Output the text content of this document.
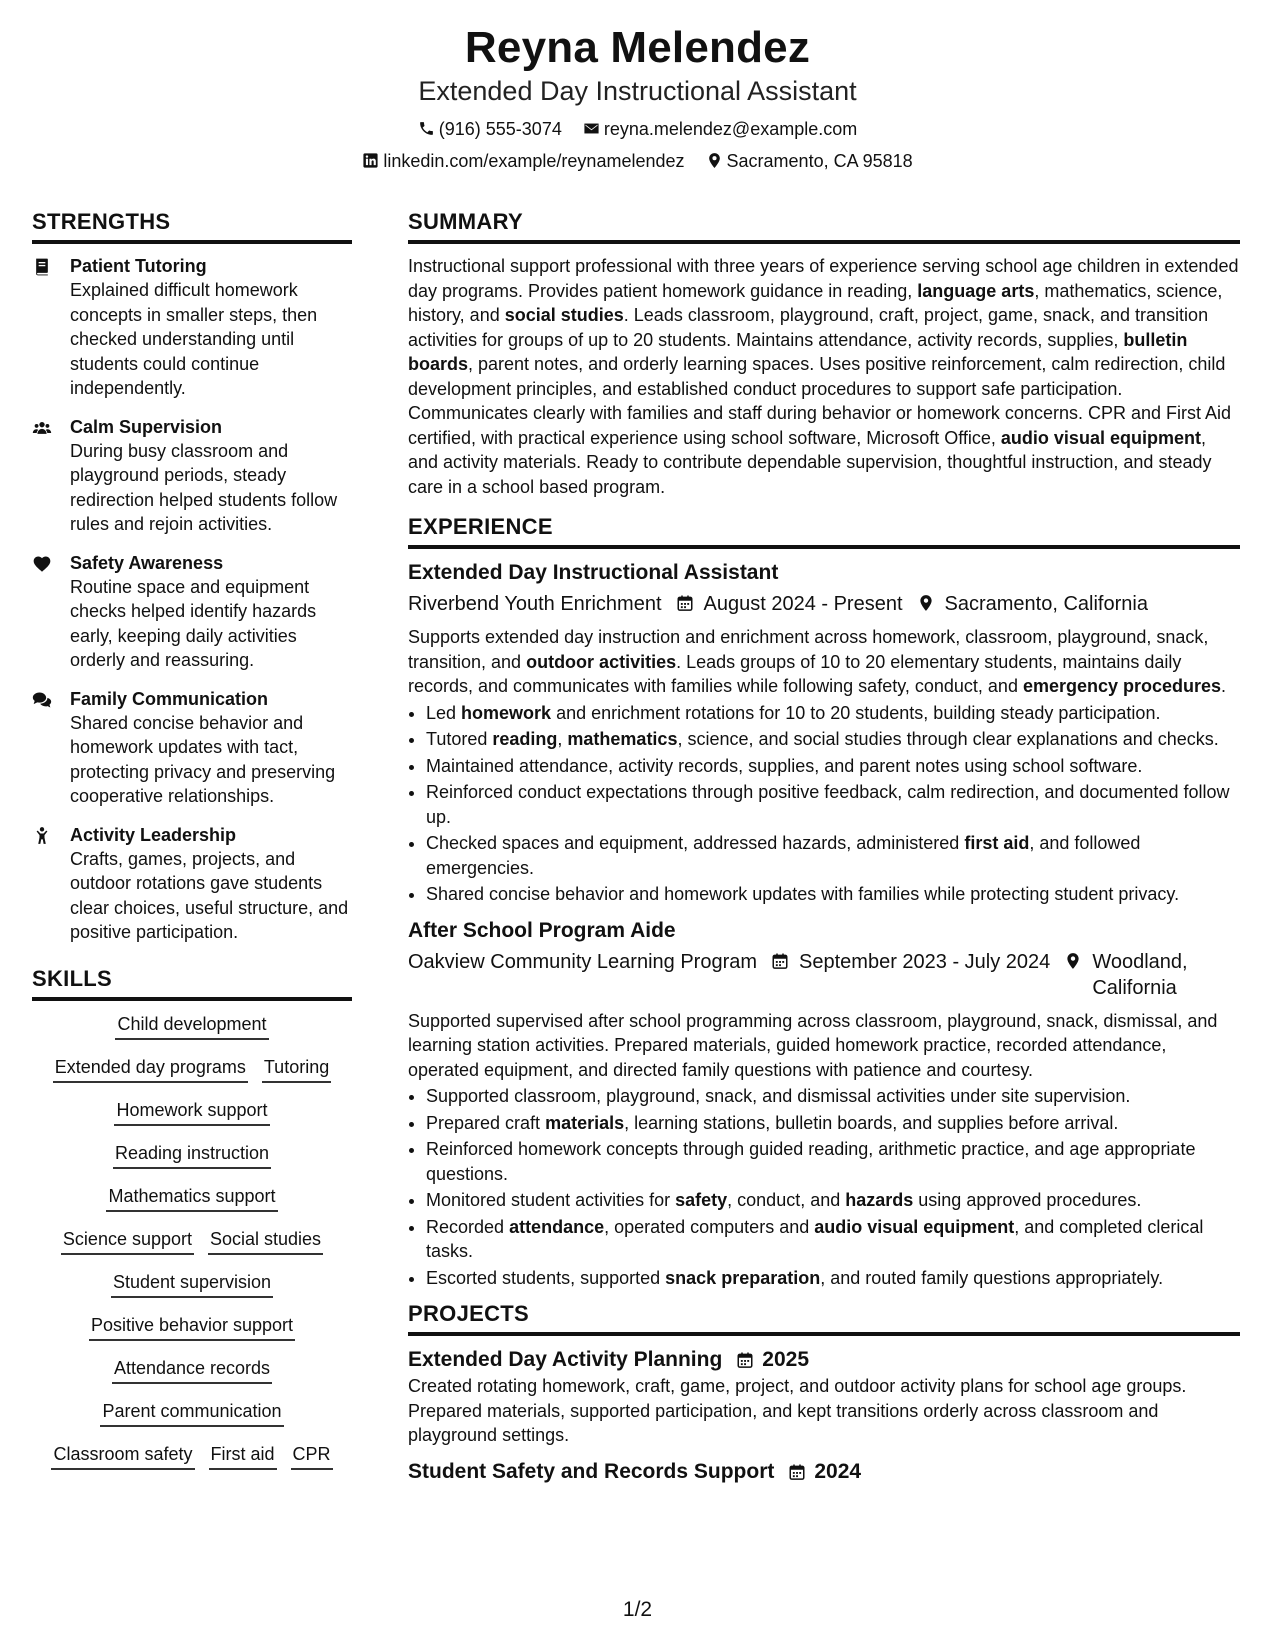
Reyna Melendez
Extended Day Instructional Assistant
(916) 555-3074 reyna.melendez@example.com
linkedin.com/example/reynamelendez Sacramento, CA 95818
STRENGTHS
Patient Tutoring
Explained difficult homework concepts in smaller steps, then checked understanding until students could continue independently.
Calm Supervision
During busy classroom and playground periods, steady redirection helped students follow rules and rejoin activities.
Safety Awareness
Routine space and equipment checks helped identify hazards early, keeping daily activities orderly and reassuring.
Family Communication
Shared concise behavior and homework updates with tact, protecting privacy and preserving cooperative relationships.
Activity Leadership
Crafts, games, projects, and outdoor rotations gave students clear choices, useful structure, and positive participation.
SKILLS
Child development
Extended day programs Tutoring
Homework support
Reading instruction
Mathematics support
Science support Social studies
Student supervision
Positive behavior support
Attendance records
Parent communication
Classroom safety First aid CPR
SUMMARY
Instructional support professional with three years of experience serving school age children in extended day programs. Provides patient homework guidance in reading, language arts, mathematics, science, history, and social studies. Leads classroom, playground, craft, project, game, snack, and transition activities for groups of up to 20 students. Maintains attendance, activity records, supplies, bulletin boards, parent notes, and orderly learning spaces. Uses positive reinforcement, calm redirection, child development principles, and established conduct procedures to support safe participation. Communicates clearly with families and staff during behavior or homework concerns. CPR and First Aid certified, with practical experience using school software, Microsoft Office, audio visual equipment, and activity materials. Ready to contribute dependable supervision, thoughtful instruction, and steady care in a school based program.
EXPERIENCE
Extended Day Instructional Assistant
Riverbend Youth Enrichment August 2024 - Present Sacramento, California
Supports extended day instruction and enrichment across homework, classroom, playground, snack, transition, and outdoor activities. Leads groups of 10 to 20 elementary students, maintains daily records, and communicates with families while following safety, conduct, and emergency procedures.
• Led homework and enrichment rotations for 10 to 20 students, building steady participation.
• Tutored reading, mathematics, science, and social studies through clear explanations and checks.
• Maintained attendance, activity records, supplies, and parent notes using school software.
• Reinforced conduct expectations through positive feedback, calm redirection, and documented follow up.
• Checked spaces and equipment, addressed hazards, administered first aid, and followed emergencies.
• Shared concise behavior and homework updates with families while protecting student privacy.
After School Program Aide
Oakview Community Learning Program September 2023 - July 2024 Woodland, California
Supported supervised after school programming across classroom, playground, snack, dismissal, and learning station activities. Prepared materials, guided homework practice, recorded attendance, operated equipment, and directed family questions with patience and courtesy.
• Supported classroom, playground, snack, and dismissal activities under site supervision.
• Prepared craft materials, learning stations, bulletin boards, and supplies before arrival.
• Reinforced homework concepts through guided reading, arithmetic practice, and age appropriate questions.
• Monitored student activities for safety, conduct, and hazards using approved procedures.
• Recorded attendance, operated computers and audio visual equipment, and completed clerical tasks.
• Escorted students, supported snack preparation, and routed family questions appropriately.
PROJECTS
Extended Day Activity Planning 2025
Created rotating homework, craft, game, project, and outdoor activity plans for school age groups. Prepared materials, supported participation, and kept transitions orderly across classroom and playground settings.
Student Safety and Records Support 2024
1/2
